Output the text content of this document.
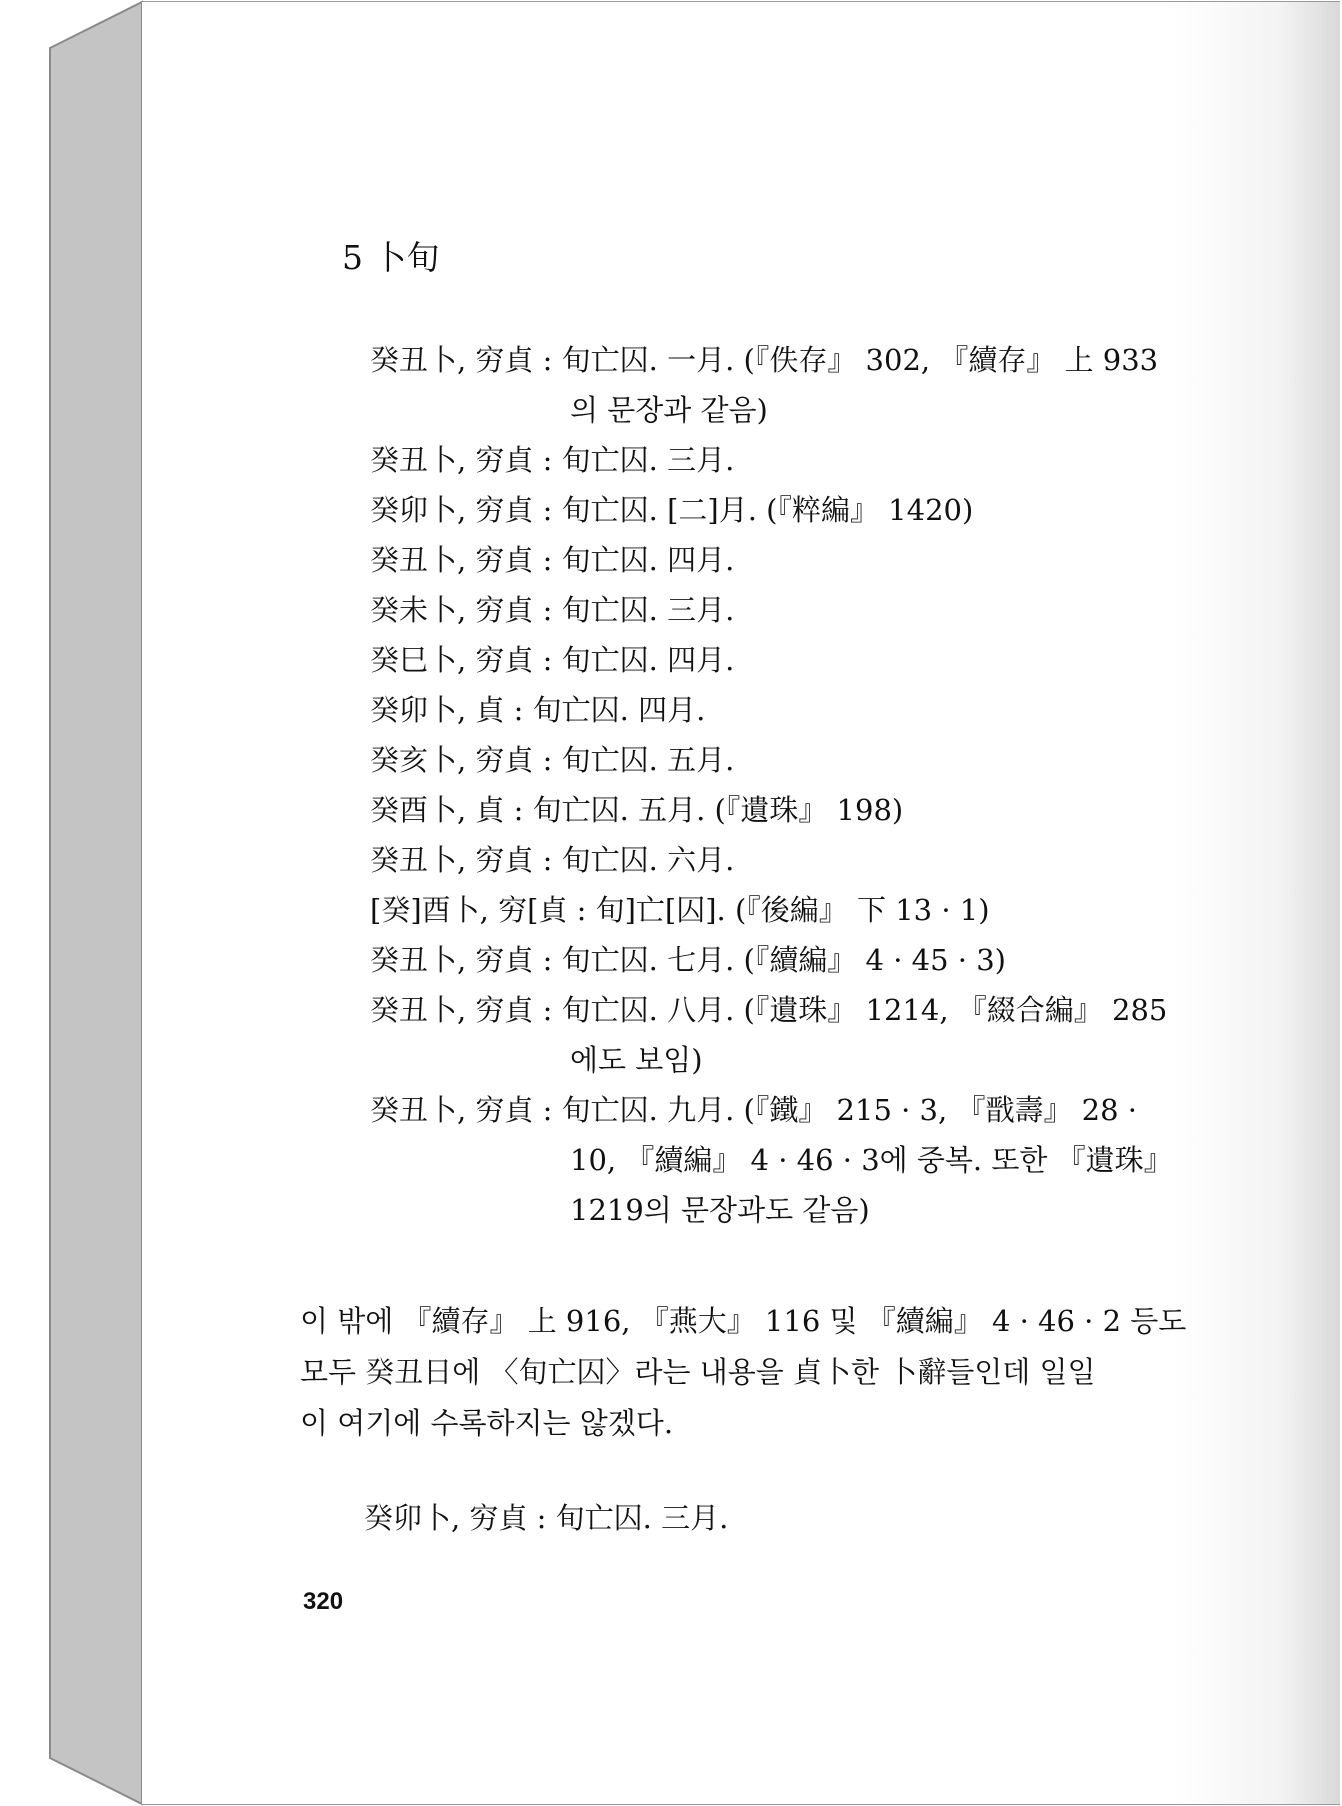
5 卜旬
癸丑卜, 穷貞 : 旬亡囚. 一月. (『佚存』 302, 『續存』 上 933
의 문장과 같음)
癸丑卜, 穷貞 : 旬亡囚. 三月.
癸卯卜, 穷貞 : 旬亡囚. [二]月. (『粹編』 1420)
癸丑卜, 穷貞 : 旬亡囚. 四月.
癸未卜, 穷貞 : 旬亡囚. 三月.
癸巳卜, 穷貞 : 旬亡囚. 四月.
癸卯卜, 貞 : 旬亡囚. 四月.
癸亥卜, 穷貞 : 旬亡囚. 五月.
癸酉卜, 貞 : 旬亡囚. 五月. (『遺珠』 198)
癸丑卜, 穷貞 : 旬亡囚. 六月.
[癸]酉卜, 穷[貞 : 旬]亡[囚]. (『後編』 下 13 · 1)
癸丑卜, 穷貞 : 旬亡囚. 七月. (『續編』 4 · 45 · 3)
癸丑卜, 穷貞 : 旬亡囚. 八月. (『遺珠』 1214, 『綴合編』 285
에도 보임)
癸丑卜, 穷貞 : 旬亡囚. 九月. (『鐵』 215 · 3, 『戬壽』 28 ·
10, 『續編』 4 · 46 · 3에 중복. 또한 『遺珠』
1219의 문장과도 같음)
이 밖에 『續存』 上 916, 『燕大』 116 및 『續編』 4 · 46 · 2 등도
모두 癸丑日에 〈旬亡囚〉라는 내용을 貞卜한 卜辭들인데 일일
이 여기에 수록하지는 않겠다.
癸卯卜, 穷貞 : 旬亡囚. 三月.
320
